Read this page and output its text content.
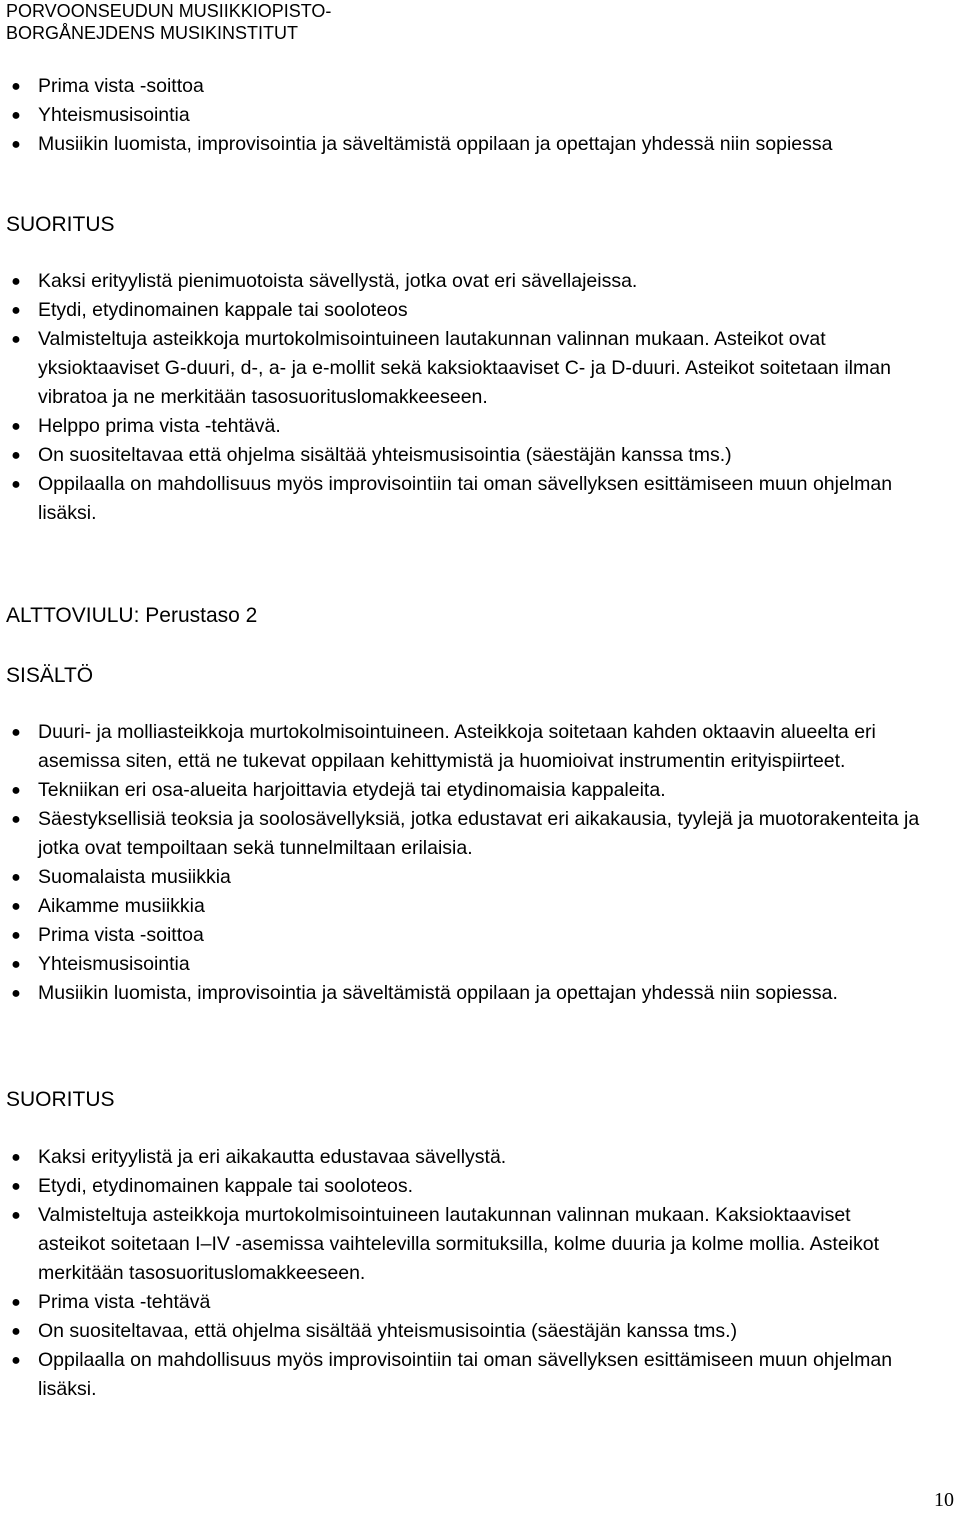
PORVOONSEUDUN MUSIIKKIOPISTO-
BORGÅNEJDENS MUSIKINSTITUT
● Prima vista -soittoa
● Yhteismusisointia
● Musiikin luomista, improvisointia ja säveltämistä oppilaan ja opettajan yhdessä niin sopiessa
SUORITUS
● Kaksi erityylistä pienimuotoista sävellystä, jotka ovat eri sävellajeissa.
● Etydi, etydinomainen kappale tai sooloteos
● Valmisteltuja asteikkoja murtokolmisointuineen lautakunnan valinnan mukaan. Asteikot ovat yksioktaaviset G-duuri, d-, a- ja e-mollit sekä kaksioktaaviset C- ja D-duuri. Asteikot soitetaan ilman vibratoa ja ne merkitään tasosuorituslomakkeeseen.
● Helppo prima vista -tehtävä.
● On suositeltavaa että ohjelma sisältää yhteismusisointia (säestäjän kanssa tms.)
● Oppilaalla on mahdollisuus myös improvisointiin tai oman sävellyksen esittämiseen muun ohjelman lisäksi.
ALTTOVIULU: Perustaso 2
SISÄLTÖ
● Duuri- ja molliasteikkoja murtokolmisointuineen. Asteikkoja soitetaan kahden oktaavin alueelta eri asemissa siten, että ne tukevat oppilaan kehittymistä ja huomioivat instrumentin erityispiirteet.
● Tekniikan eri osa-alueita harjoittavia etydejä tai etydinomaisia kappaleita.
● Säestyksellisiä teoksia ja soolosävellyksiä, jotka edustavat eri aikakausia, tyylejä ja muotorakenteita ja jotka ovat tempoiltaan sekä tunnelmiltaan erilaisia.
● Suomalaista musiikkia
● Aikamme musiikkia
● Prima vista -soittoa
● Yhteismusisointia
● Musiikin luomista, improvisointia ja säveltämistä oppilaan ja opettajan yhdessä niin sopiessa.
SUORITUS
● Kaksi erityylistä ja eri aikakautta edustavaa sävellystä.
● Etydi, etydinomainen kappale tai sooloteos.
● Valmisteltuja asteikkoja murtokolmisointuineen lautakunnan valinnan mukaan. Kaksioktaaviset asteikot soitetaan I–IV -asemissa vaihtelevilla sormituksilla, kolme duuria ja kolme mollia. Asteikot merkitään tasosuorituslomakkeeseen.
● Prima vista -tehtävä
● On suositeltavaa, että ohjelma sisältää yhteismusisointia (säestäjän kanssa tms.)
● Oppilaalla on mahdollisuus myös improvisointiin tai oman sävellyksen esittämiseen muun ohjelman lisäksi.
10
